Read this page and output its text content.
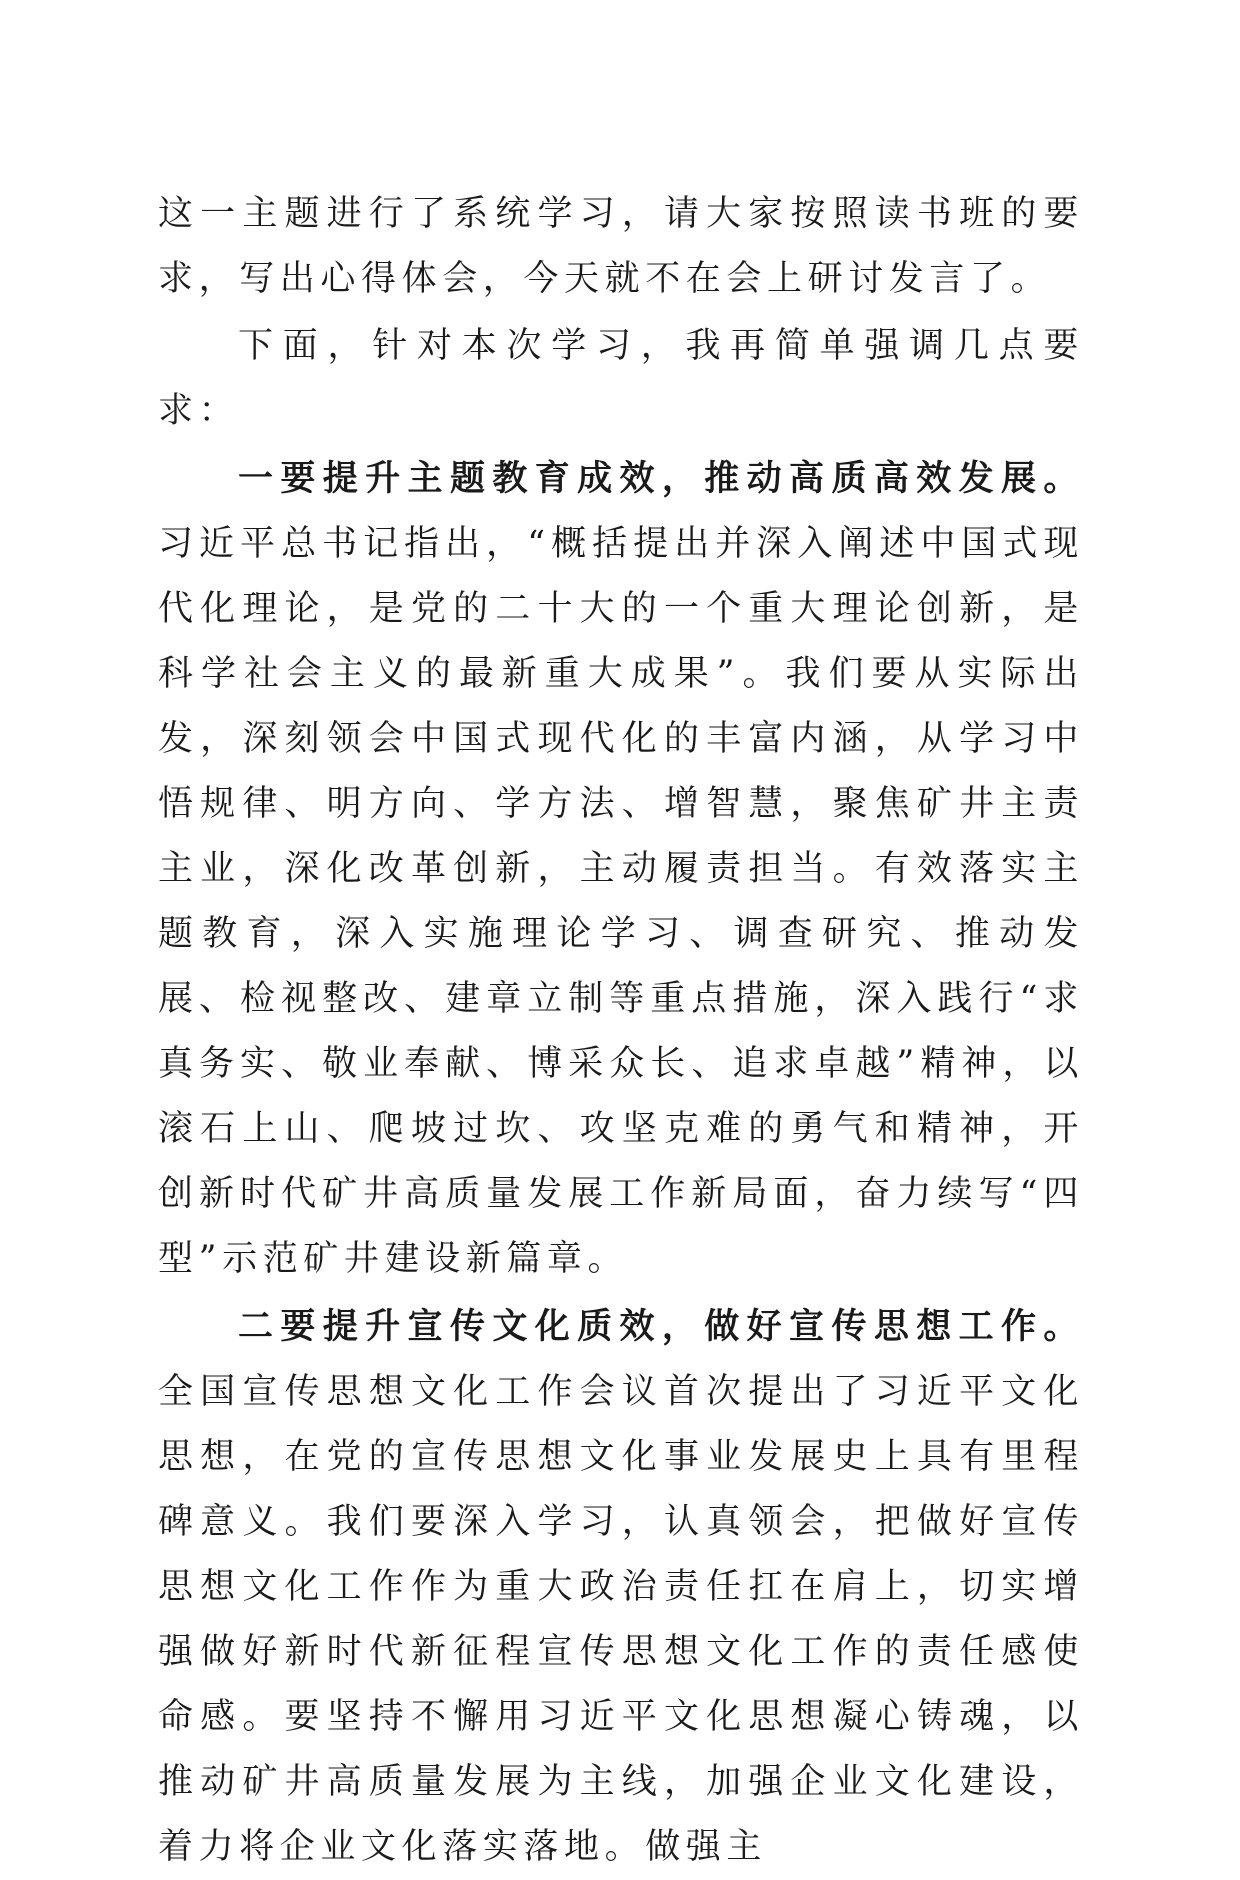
这一主题进行了系统学习，请大家按照读书班的要求，写出心得体会，今天就不在会上研讨发言了。

下面，针对本次学习，我再简单强调几点要求：

一要提升主题教育成效，推动高质高效发展。习近平总书记指出，“概括提出并深入阐述中国式现代化理论，是党的二十大的一个重大理论创新，是科学社会主义的最新重大成果”。我们要从实际出发，深刻领会中国式现代化的丰富内涵，从学习中悟规律、明方向、学方法、增智慧，聚焦矿井主责主业，深化改革创新，主动履责担当。有效落实主题教育，深入实施理论学习、调查研究、推动发展、检视整改、建章立制等重点措施，深入践行“求真务实、敬业奉献、博采众长、追求卓越”精神，以滚石上山、爬坡过坎、攻坚克难的勇气和精神，开创新时代矿井高质量发展工作新局面，奋力续写“四型”示范矿井建设新篇章。

二要提升宣传文化质效，做好宣传思想工作。全国宣传思想文化工作会议首次提出了习近平文化思想，在党的宣传思想文化事业发展史上具有里程碑意义。我们要深入学习，认真领会，把做好宣传思想文化工作作为重大政治责任扛在肩上，切实增强做好新时代新征程宣传思想文化工作的责任感使命感。要坚持不懈用习近平文化思想凝心铸魂，以推动矿井高质量发展为主线，加强企业文化建设，着力将企业文化落实落地。做强主
